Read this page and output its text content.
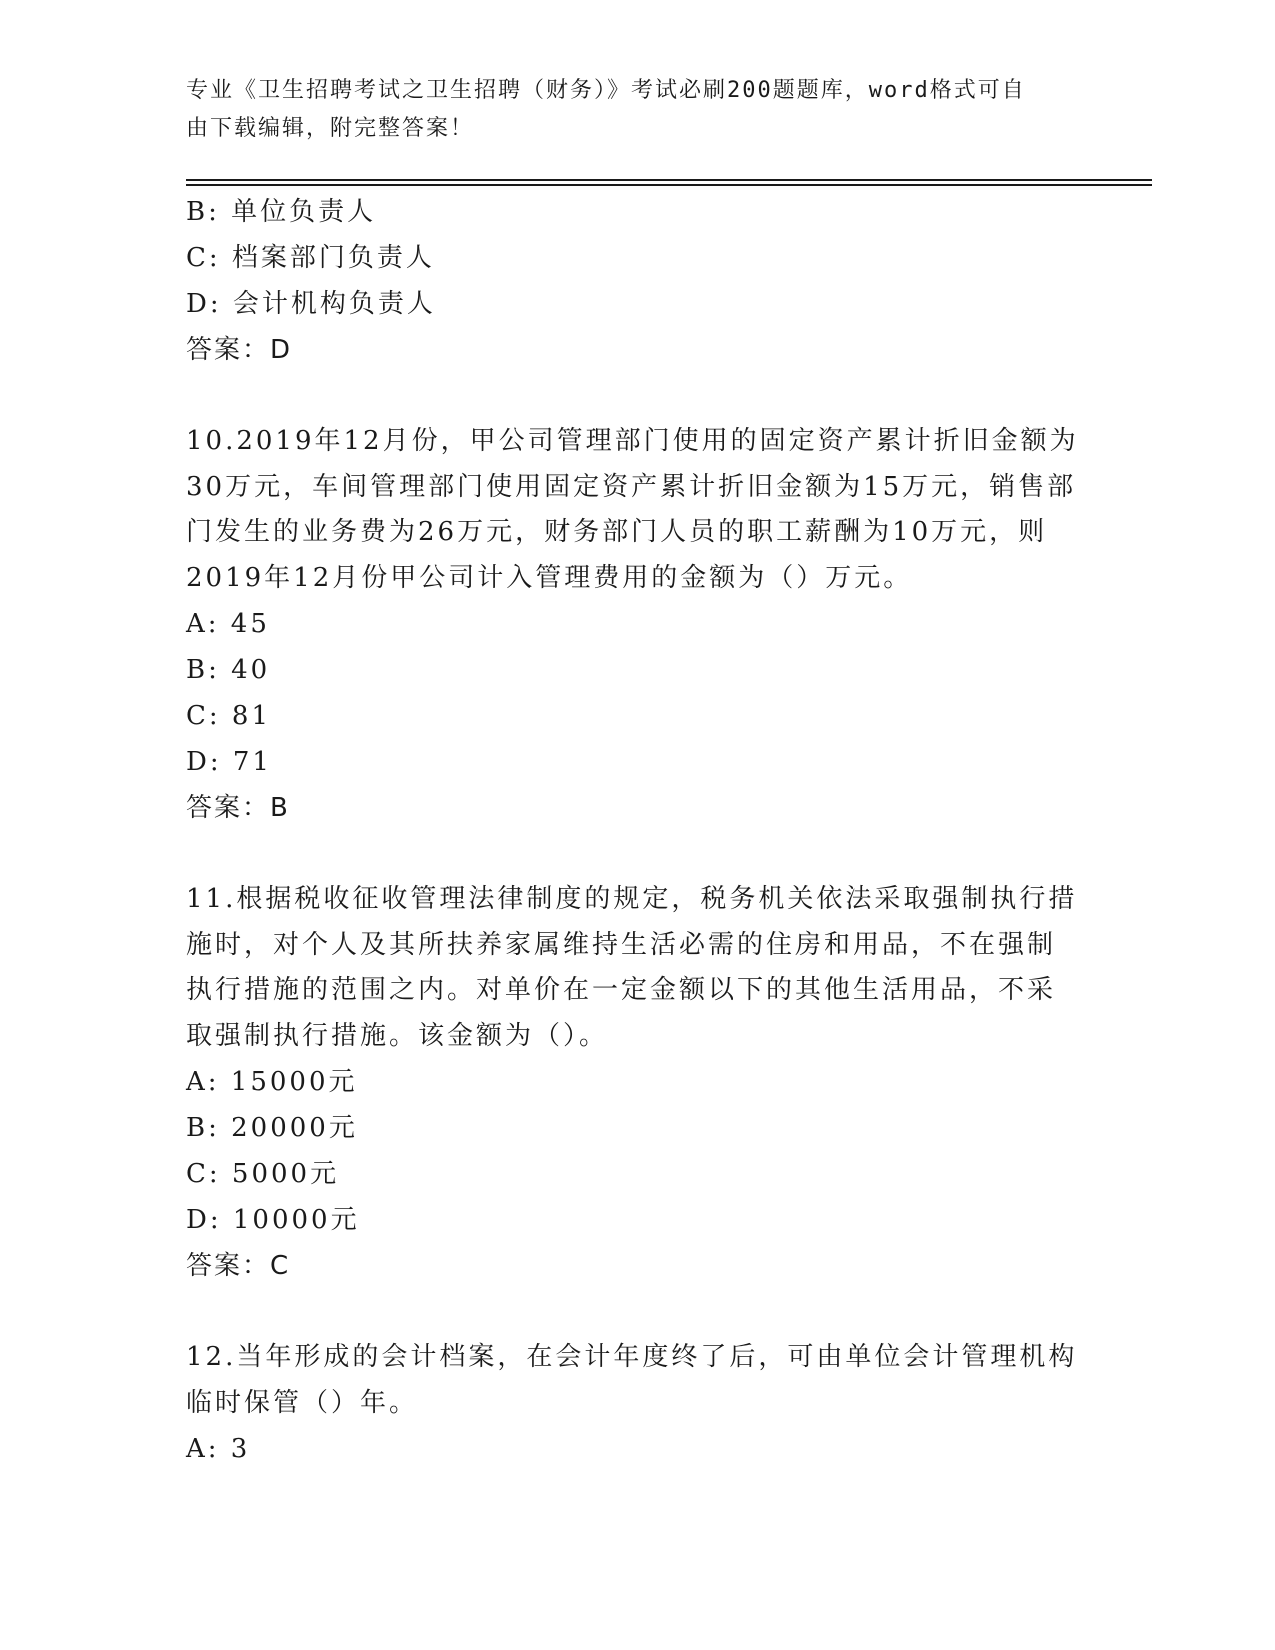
专业《卫生招聘考试之卫生招聘（财务）》考试必刷200题题库，word格式可自
由下载编辑，附完整答案！
B: 单位负责人
C: 档案部门负责人
D: 会计机构负责人
答案：D
10.2019年12月份，甲公司管理部门使用的固定资产累计折旧金额为
30万元，车间管理部门使用固定资产累计折旧金额为15万元，销售部
门发生的业务费为26万元，财务部门人员的职工薪酬为10万元，则
2019年12月份甲公司计入管理费用的金额为（）万元。
A: 45
B: 40
C: 81
D: 71
答案：B
11.根据税收征收管理法律制度的规定，税务机关依法采取强制执行措
施时，对个人及其所扶养家属维持生活必需的住房和用品，不在强制
执行措施的范围之内。对单价在一定金额以下的其他生活用品，不采
取强制执行措施。该金额为（）。
A: 15000元
B: 20000元
C: 5000元
D: 10000元
答案：C
12.当年形成的会计档案，在会计年度终了后，可由单位会计管理机构
临时保管（）年。
A: 3
